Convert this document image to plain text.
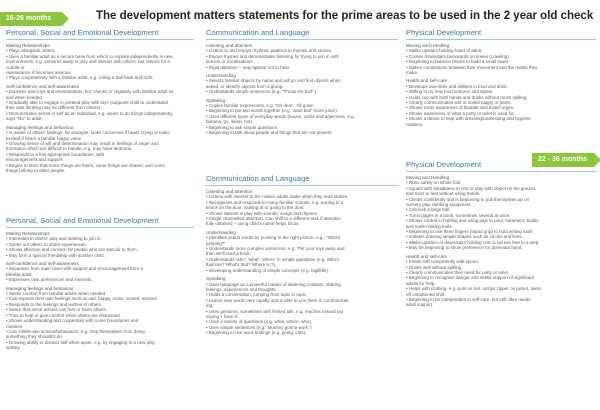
16-26 months	The development matters statements for the prime areas to be used in the 2 year old check
Personal, Social and Emotional Development
Making Relationships
• Plays alongside others.
• Uses a familiar adult as a secure base from which to explore independently in new
environments, e.g. ventures away to play and interact with others, but returns for a
cuddle or
reassurance if becomes anxious.
• Plays cooperatively with a familiar adult, e.g. rolling a ball back and forth.
Self-confidence and self-awareness
• Explores new toys and environments, but 'checks in' regularly with familiar adult as
and when needed.
• Gradually able to engage in pretend play with toys (supports child to understand
their own thinking may be different from others).
• Demonstrates sense of self as an individual, e.g. wants to do things independently,
says "No" to adult.
Managing feelings and behaviour
• Is aware of others' feelings, for example, looks concerned if hears crying or looks
excited if hears a familiar happy voice.
• Growing sense of will and determination may result in feelings of anger and
frustration which are difficult to handle, e.g. may have tantrums.
• Responds to a few appropriate boundaries, with
encouragement and support.
• Begins to learn that some things are theirs, some things are shared, and some
things belong to other people.
Personal, Social and Emotional Development
Making Relationships
• Interested in others' play and starting to join in.
• Seeks out others to share experiences.
• Shows affection and concern for people who are special to them.
• May form a special friendship with another child.
Self-confidence and self-awareness
• Separates from main carer with support and encouragement from a
familiar adult.
• Expresses own preferences and interests.
Managing feelings and behaviour
• Seeks comfort from familiar adults when needed.
• Can express their own feelings such as sad, happy, cross, scared, worried.
• Responds to the feelings and wishes of others.
• Aware that some actions can hurt or harm others.
• Tries to help or give comfort when others are distressed.
• Shows understanding and cooperates with some boundaries and
routines.
• Can inhibit own actions/behaviours, e.g. stop themselves from doing
something they shouldn't do.
• Growing ability to distract self when upset, e.g. by engaging in a new play
activity.
Communication and Language
Listening and attention
• Listens to and enjoys rhythmic patterns in rhymes and stories.
• Enjoys rhymes and demonstrates listening by trying to join in with
actions or vocalisations.
• Rigid attention – may appear not to hear.
Understanding
• Selects familiar objects by name and will go and find objects when
asked, or identify objects from a group.
• Understands simple sentences (e.g. "Throw the ball".)
Speaking
• Copies familiar expressions, e.g. 'Oh dear', 'All gone'.
• Beginning to put two words together (e.g. 'want ball' 'more juice').
• Uses different types of everyday words (nouns, verbs and adjectives, e.g.
banana, go, sleep, hot).
• Beginning to ask simple questions.
• Beginning to talk about people and things that are not present.
Communication and Language
Listening and attention
• Listens with interest to the noises adults make when they read stories.
• Recognises and responds to many familiar sounds, e.g. turning to a
knock on the door, looking at or going to the door.
• Shows interest in play with sounds, songs and rhymes.
• Single channelled attention. Can shift to a different task if attention
fully obtained – using child's name helps focus.
Understanding
• Identifies action words by pointing to the right picture, e.g., "Who's
jumping?"
• Understands more complex sentences, e.g. 'Put your toys away and
then we'll read a book.'
• Understands 'who', 'what', 'where' in simple questions (e.g. Who's
that/can? What's that? Where is.?).
• Developing understanding of simple concepts (e.g. big/little).
Speaking
• Uses language as a powerful means of widening contacts, sharing
feelings, experiences and thoughts.
• Holds a conversation, jumping from topic to topic.
• Learns new words very rapidly and is able to use them in communicat-
ing.
• Uses gestures, sometimes with limited talk, e.g. reaches toward toy,
saying 'I have it'.
• Uses a variety of questions (e.g. what, where, who).
• Uses simple sentences (e.g.' Mummy gonna work.')
• Beginning to use word endings (e.g. going, cats).
Physical Development
Moving and Handling
• Walks upstairs holding hand of adult.
• Comes downstairs backwards on knees (crawling).
• Beginning to balance blocks to build a small tower.
• Makes connections between their movement and the marks they
make.
Health and self-care
• Develops own likes and dislikes in food and drink.
• Willing to try new food textures and tastes.
• Holds cup with both hands and drinks without much spilling.
• Clearly communicates wet or soiled nappy or pants.
• Shows some awareness of bladder and bowel urges.
• Shows awareness of what a potty or toilet is used for.
• Shows a desire to help with dressing/undressing and hygiene
routines.
Physical Development
Moving and Handling
• Runs safely on whole foot.
• Squats with steadiness to rest or play with object on the ground,
and rises to feet without using hands.
• Climbs confidently and is beginning to pull themselves up on
nursery play climbing equipment.
• Can kick a large ball.
• Turns pages in a book, sometimes several at once.
• Shows control in holding and using jugs to pour, hammers, books
and mark-making tools.
• Beginning to use three fingers (tripod grip) to hold writing tools
• Imitates drawing simple shapes such as circles and lines.
• Walks upstairs or downstairs holding onto a rail two feet to a step.
• May be beginning to show preference for dominant hand.
Health and self-care
• Feeds self competently with spoon.
• Drinks well without spilling.
• Clearly communicates their need for potty or toilet.
• Beginning to recognise danger and seeks support of significant
adults for help.
• Helps with clothing, e.g. puts on hat, unzips zipper on jacket, takes
off unbuttoned shirt.
• Beginning to be independent in self-care, but still often needs
adult support.
22 - 36 months
